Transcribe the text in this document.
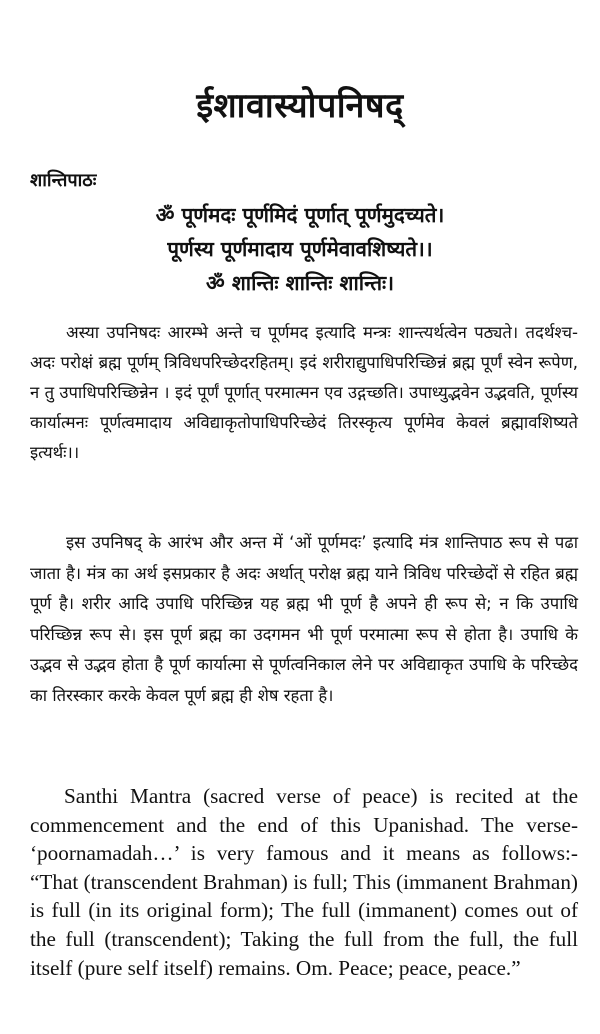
ईशावास्योपनिषद्
शान्तिपाठः
ॐ पूर्णमदः पूर्णमिदं पूर्णात् पूर्णमुदच्यते।
पूर्णस्य पूर्णमादाय पूर्णमेवावशिष्यते।।
ॐ शान्तिः शान्तिः शान्तिः।

अस्या उपनिषदः आरम्भे अन्ते च पूर्णमद इत्यादि मन्त्रः शान्त्यर्थत्वेन पठ्यते। तदर्थश्च-अदः परोक्षं ब्रह्म पूर्णम् त्रिविधपरिच्छेदरहितम्। इदं शरीराद्युपाधिपरिच्छिन्नं ब्रह्म पूर्णं स्वेन रूपेण, न तु उपाधिपरिच्छिन्नेन । इदं पूर्णं पूर्णात् परमात्मन एव उद्गच्छति। उपाध्युद्भवेन उद्भवति, पूर्णस्य कार्यात्मनः पूर्णत्वमादाय अविद्याकृतोपाधिपरिच्छेदं तिरस्कृत्य पूर्णमेव केवलं ब्रह्मावशिष्यते इत्यर्थः।।

इस उपनिषद् के आरंभ और अन्त में ‘ओं पूर्णमदः’ इत्यादि मंत्र शान्तिपाठ रूप से पढा जाता है। मंत्र का अर्थ इसप्रकार है अदः अर्थात् परोक्ष ब्रह्म याने त्रिविध परिच्छेदों से रहित ब्रह्म पूर्ण है। शरीर आदि उपाधि परिच्छिन्न यह ब्रह्म भी पूर्ण है अपने ही रूप से; न कि उपाधि परिच्छिन्न रूप से। इस पूर्ण ब्रह्म का उदगमन भी पूर्ण परमात्मा रूप से होता है। उपाधि के उद्भव से उद्भव होता है पूर्ण कार्यात्मा से पूर्णत्वनिकाल लेने पर अविद्याकृत उपाधि के परिच्छेद का तिरस्कार करके केवल पूर्ण ब्रह्म ही शेष रहता है।

Santhi Mantra (sacred verse of peace) is recited at the commencement and the end of this Upanishad. The verse- ‘poornamadah…’ is very famous and it means as follows:- “That (transcendent Brahman) is full; This (immanent Brahman) is full (in its original form); The full (immanent) comes out of the full (transcendent); Taking the full from the full, the full itself (pure self itself) remains. Om. Peace; peace, peace.”
